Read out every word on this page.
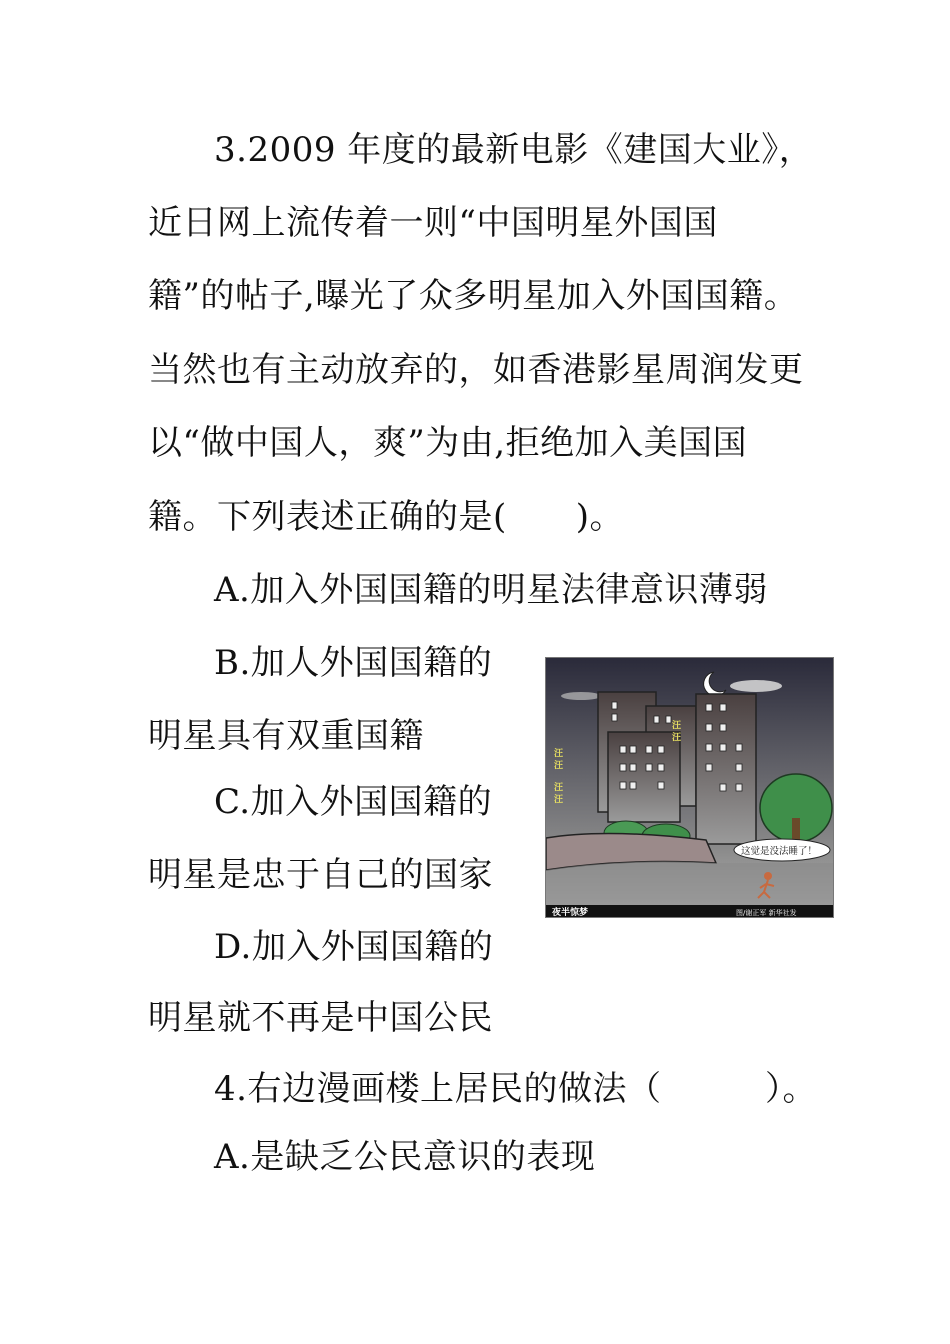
3.2009 年度的最新电影《建国大业》，
近日网上流传着一则“中国明星外国国
籍”的帖子,曝光了众多明星加入外国国籍。
当然也有主动放弃的，如香港影星周润发更
以“做中国人，爽”为由,拒绝加入美国国
籍。下列表述正确的是(　　)。
A.加入外国国籍的明星法律意识薄弱
B.加人外国国籍的
明星具有双重国籍
C.加入外国国籍的
明星是忠于自己的国家
D.加入外国国籍的
明星就不再是中国公民
4.右边漫画楼上居民的做法（　　　）。
A.是缺乏公民意识的表现
汪
汪
汪
汪
汪
汪
这觉是没法睡了！
夜半惊梦	图/谢正军 新华社发
